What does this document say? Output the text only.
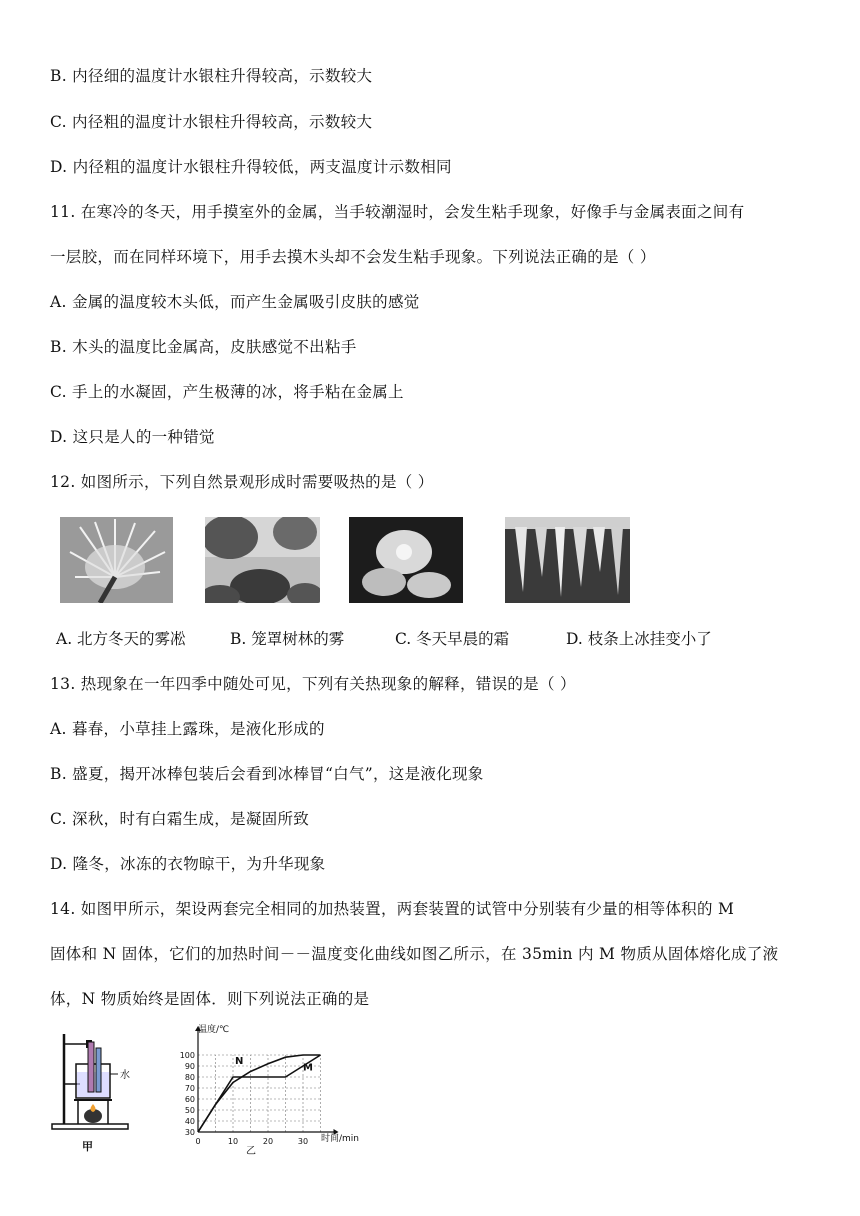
B. 内径细的温度计水银柱升得较高，示数较大
C. 内径粗的温度计水银柱升得较高，示数较大
D. 内径粗的温度计水银柱升得较低，两支温度计示数相同
11. 在寒冷的冬天，用手摸室外的金属，当手较潮湿时，会发生粘手现象，好像手与金属表面之间有
一层胶，而在同样环境下，用手去摸木头却不会发生粘手现象。下列说法正确的是（ ）
A. 金属的温度较木头低，而产生金属吸引皮肤的感觉
B. 木头的温度比金属高，皮肤感觉不出粘手
C. 手上的水凝固，产生极薄的冰，将手粘在金属上
D. 这只是人的一种错觉
12. 如图所示，下列自然景观形成时需要吸热的是（ ）
A. 北方冬天的雾凇	B. 笼罩树林的雾	C. 冬天早晨的霜	D. 枝条上冰挂变小了
13. 热现象在一年四季中随处可见，下列有关热现象的解释，错误的是（ ）
A. 暮春，小草挂上露珠，是液化形成的
B. 盛夏，揭开冰棒包装后会看到冰棒冒“白气”，这是液化现象
C. 深秋，时有白霜生成，是凝固所致
D. 隆冬，冰冻的衣物晾干，为升华现象
14. 如图甲所示，架设两套完全相同的加热装置，两套装置的试管中分别装有少量的相等体积的 M
固体和 N 固体，它们的加热时间－－温度变化曲线如图乙所示，在 35min 内 M 物质从固体熔化成了液
体，N 物质始终是固体．则下列说法正确的是
水
甲
40
50
60
70
80
90
100
30
0	10	20	30
N
M
温度/℃
时间/min
乙
